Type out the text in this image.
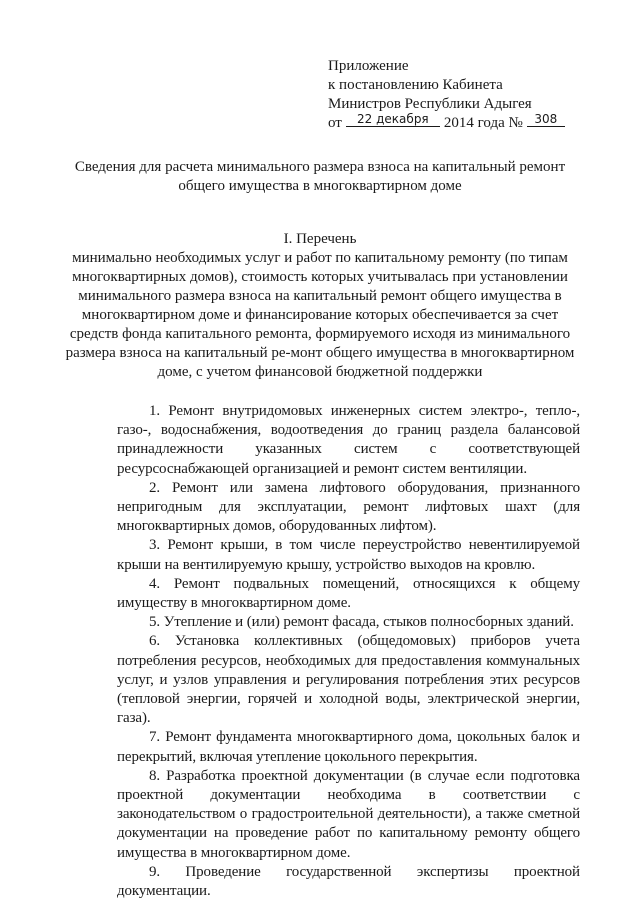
Приложение
к постановлению Кабинета
Министров Республики Адыгея
от 22 декабря 2014 года № 308
Сведения для расчета минимального размера взноса на капитальный ремонт общего имущества в многоквартирном доме
I. Перечень
минимально необходимых услуг и работ по капитальному ремонту (по типам многоквартирных домов), стоимость которых учитывалась при установлении минимального размера взноса на капитальный ремонт общего имущества в многоквартирном доме и финансирование которых обеспечивается за счет средств фонда капитального ремонта, формируемого исходя из минимального размера взноса на капитальный ре-монт общего имущества в многоквартирном доме, с учетом финансовой бюджетной поддержки

1. Ремонт внутридомовых инженерных систем электро-, тепло-, газо-, водоснабжения, водоотведения до границ раздела балансовой принадлежности указанных систем с соответствующей ресурсоснабжающей организацией и ремонт систем вентиляции.

2. Ремонт или замена лифтового оборудования, признанного непригодным для эксплуатации, ремонт лифтовых шахт (для многоквартирных домов, оборудованных лифтом).

3. Ремонт крыши, в том числе переустройство невентилируемой крыши на вентилируемую крышу, устройство выходов на кровлю.

4. Ремонт подвальных помещений, относящихся к общему имуществу в многоквартирном доме.

5. Утепление и (или) ремонт фасада, стыков полносборных зданий.

6. Установка коллективных (общедомовых) приборов учета потребления ресурсов, необходимых для предоставления коммунальных услуг, и узлов управления и регулирования потребления этих ресурсов (тепловой энергии, горячей и холодной воды, электрической энергии, газа).

7. Ремонт фундамента многоквартирного дома, цокольных балок и перекрытий, включая утепление цокольного перекрытия.

8. Разработка проектной документации (в случае если подготовка проектной документации необходима в соответствии с законодательством о градостроительной деятельности), а также сметной документации на проведение работ по капитальному ремонту общего имущества в многоквартирном доме.

9. Проведение государственной экспертизы проектной документации.
